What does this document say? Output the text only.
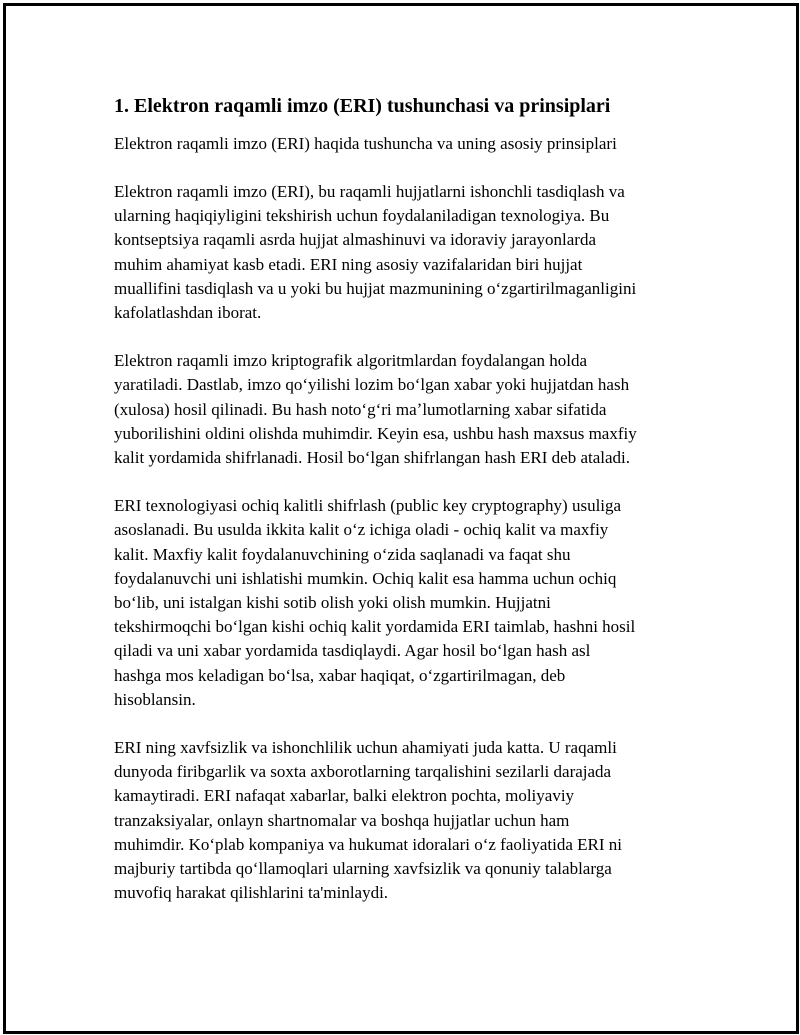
1. Elektron raqamli imzo (ERI) tushunchasi va prinsiplari
Elektron raqamli imzo (ERI) haqida tushuncha va uning asosiy prinsiplari
Elektron raqamli imzo (ERI), bu raqamli hujjatlarni ishonchli tasdiqlash va
ularning haqiqiyligini tekshirish uchun foydalaniladigan texnologiya. Bu
kontseptsiya raqamli asrda hujjat almashinuvi va idoraviy jarayonlarda
muhim ahamiyat kasb etadi. ERI ning asosiy vazifalaridan biri hujjat
muallifini tasdiqlash va u yoki bu hujjat mazmunining oʻzgartirilmaganligini
kafolatlashdan iborat.
Elektron raqamli imzo kriptografik algoritmlardan foydalangan holda
yaratiladi. Dastlab, imzo qoʻyilishi lozim boʻlgan xabar yoki hujjatdan hash
(xulosa) hosil qilinadi. Bu hash notoʻgʻri maʼlumotlarning xabar sifatida
yuborilishini oldini olishda muhimdir. Keyin esa, ushbu hash maxsus maxfiy
kalit yordamida shifrlanadi. Hosil boʻlgan shifrlangan hash ERI deb ataladi.
ERI texnologiyasi ochiq kalitli shifrlash (public key cryptography) usuliga
asoslanadi. Bu usulda ikkita kalit oʻz ichiga oladi - ochiq kalit va maxfiy
kalit. Maxfiy kalit foydalanuvchining oʻzida saqlanadi va faqat shu
foydalanuvchi uni ishlatishi mumkin. Ochiq kalit esa hamma uchun ochiq
boʻlib, uni istalgan kishi sotib olish yoki olish mumkin. Hujjatni
tekshirmoqchi boʻlgan kishi ochiq kalit yordamida ERI taimlab, hashni hosil
qiladi va uni xabar yordamida tasdiqlaydi. Agar hosil boʻlgan hash asl
hashga mos keladigan boʻlsa, xabar haqiqat, oʻzgartirilmagan, deb
hisoblansin.
ERI ning xavfsizlik va ishonchlilik uchun ahamiyati juda katta. U raqamli
dunyoda firibgarlik va soxta axborotlarning tarqalishini sezilarli darajada
kamaytiradi. ERI nafaqat xabarlar, balki elektron pochta, moliyaviy
tranzaksiyalar, onlayn shartnomalar va boshqa hujjatlar uchun ham
muhimdir. Koʻplab kompaniya va hukumat idoralari oʻz faoliyatida ERI ni
majburiy tartibda qoʻllamoqlari ularning xavfsizlik va qonuniy talablarga
muvofiq harakat qilishlarini ta'minlaydi.
